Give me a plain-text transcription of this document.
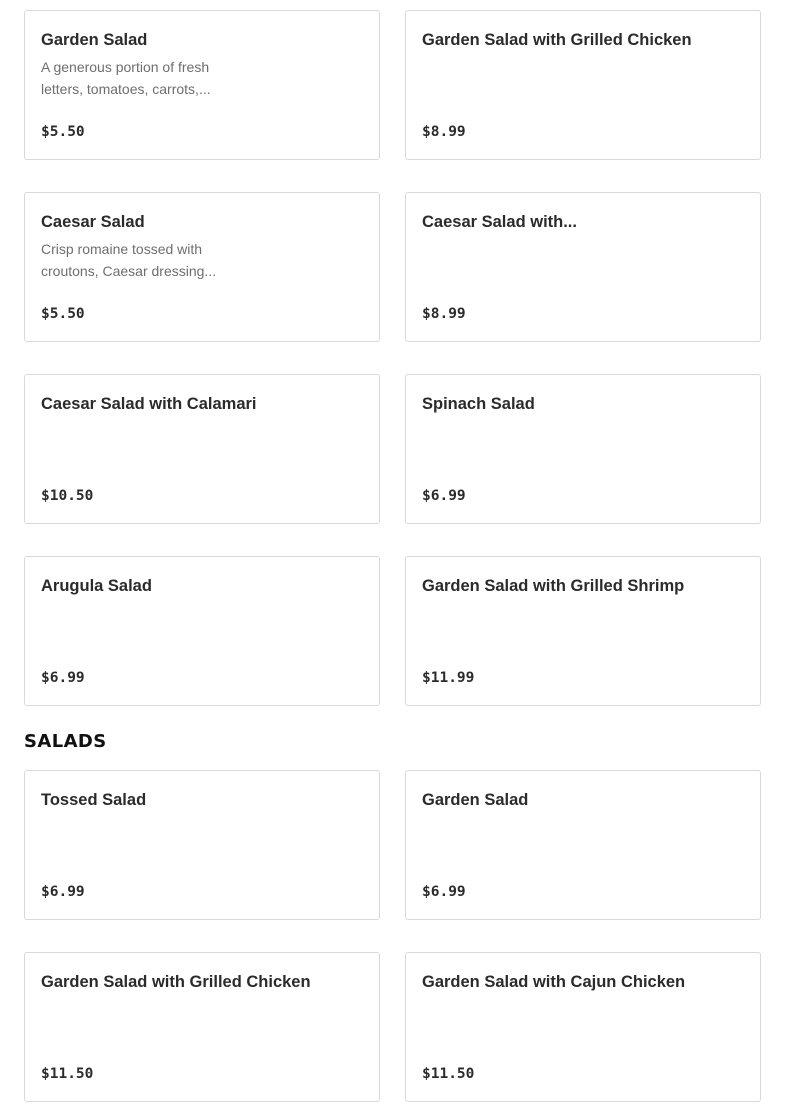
Garden Salad
A generous portion of fresh letters, tomatoes, carrots,...
$5.50
Garden Salad with Grilled Chicken
$8.99
Caesar Salad
Crisp romaine tossed with croutons, Caesar dressing...
$5.50
Caesar Salad with...
$8.99
Caesar Salad with Calamari
$10.50
Spinach Salad
$6.99
Arugula Salad
$6.99
Garden Salad with Grilled Shrimp
$11.99
SALADS
Tossed Salad
$6.99
Garden Salad
$6.99
Garden Salad with Grilled Chicken
$11.50
Garden Salad with Cajun Chicken
$11.50
